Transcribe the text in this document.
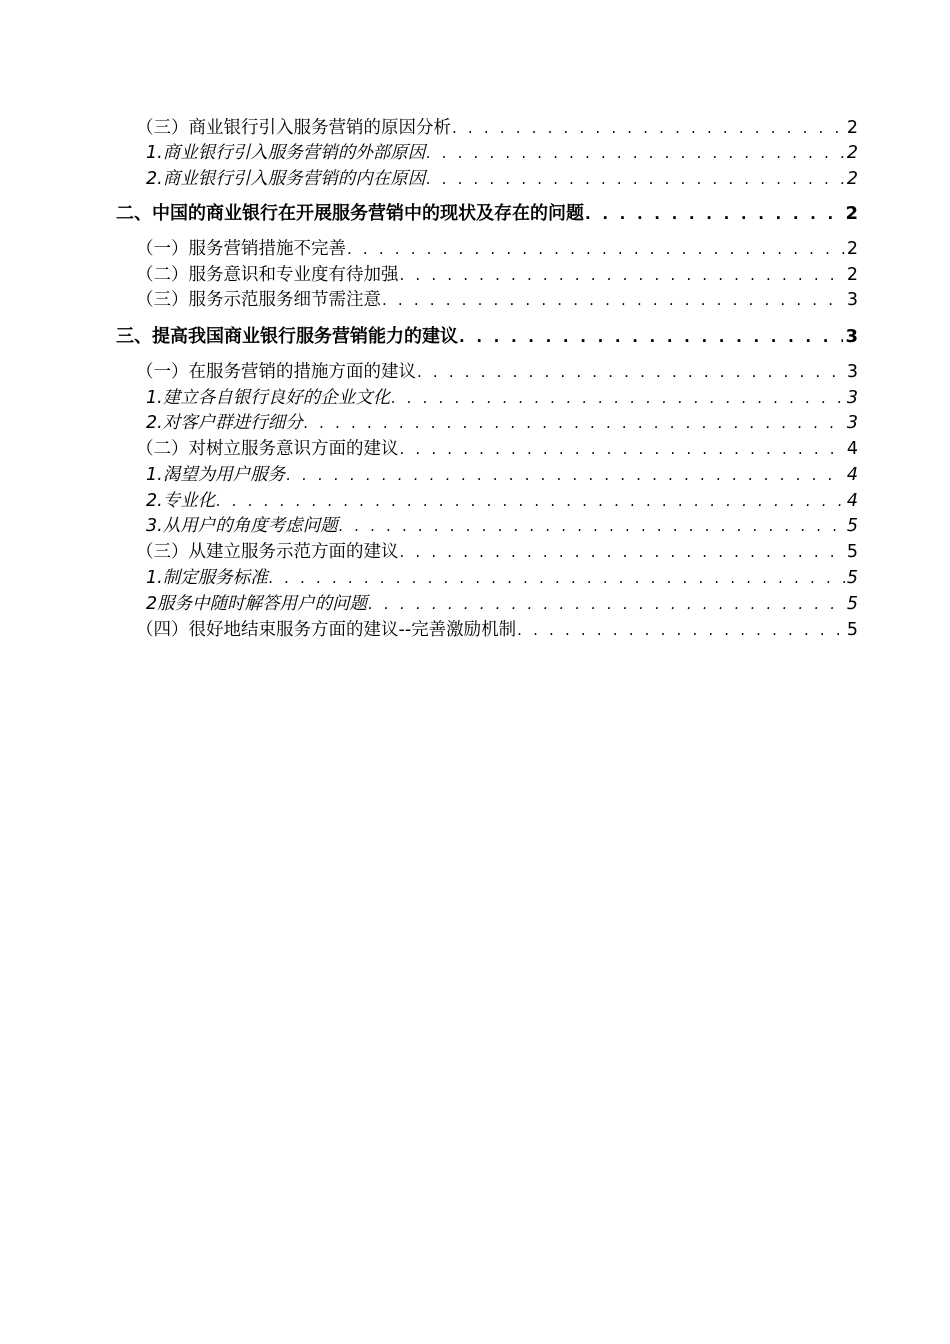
（三）商业银行引入服务营销的原因分析 . . .	2
1.商业银行引入服务营销的外部原因 . . .	2
2.商业银行引入服务营销的内在原因 . . .	2
二、中国的商业银行在开展服务营销中的现状及存在的问题 . . .	2
（一）服务营销措施不完善 . . .	2
（二）服务意识和专业度有待加强 . . .	2
（三）服务示范服务细节需注意 . . .	3
三、提高我国商业银行服务营销能力的建议 . . .	3
（一）在服务营销的措施方面的建议 . . .	3
1.建立各自银行良好的企业文化 . . .	3
2.对客户群进行细分 . . .	3
（二）对树立服务意识方面的建议 . . .	4
1.渴望为用户服务 . . .	4
2.专业化 . . .	4
3.从用户的角度考虑问题 . . .	5
（三）从建立服务示范方面的建议 . . .	5
1.制定服务标准 . . .	5
2服务中随时解答用户的问题 . . .	5
（四）很好地结束服务方面的建议--完善激励机制 . . .	5
